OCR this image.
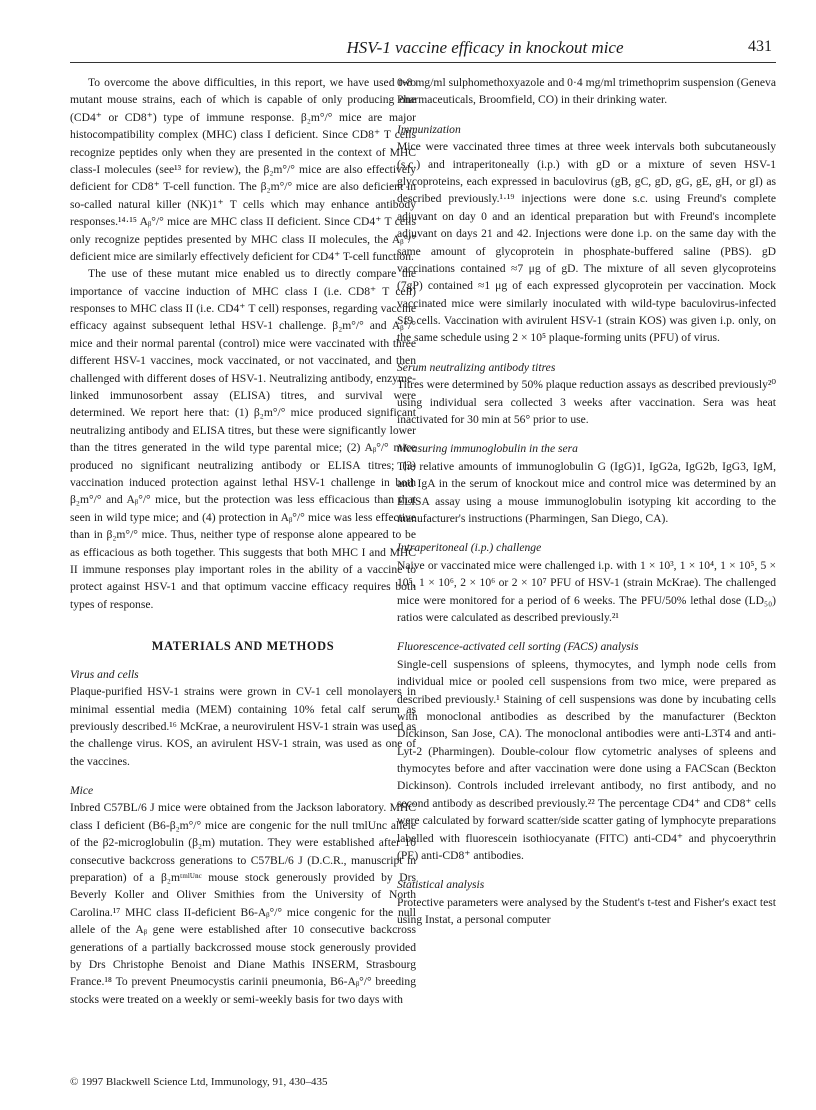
HSV-1 vaccine efficacy in knockout mice	431

To overcome the above difficulties, in this report, we have used two mutant mouse strains, each of which is capable of only producing one (CD4⁺ or CD8⁺) type of immune response. β₂m°/° mice are major histocompatibility complex (MHC) class I deficient. Since CD8⁺ T cells recognize peptides only when they are presented in the context of MHC class-I molecules (see¹³ for review), the β₂m°/° mice are also effectively deficient for CD8⁺ T-cell function. The β₂m°/° mice are also deficient in so-called natural killer (NK)1⁺ T cells which may enhance antibody responses.¹⁴·¹⁵ Aᵦ°/° mice are MHC class II deficient. Since CD4⁺ T cells only recognize peptides presented by MHC class II molecules, the Aᵦ°/° deficient mice are similarly effectively deficient for CD4⁺ T-cell function.

The use of these mutant mice enabled us to directly compare the importance of vaccine induction of MHC class I (i.e. CD8⁺ T cell) responses to MHC class II (i.e. CD4⁺ T cell) responses, regarding vaccine efficacy against subsequent lethal HSV-1 challenge. β₂m°/° and Aᵦ°/° mice and their normal parental (control) mice were vaccinated with three different HSV-1 vaccines, mock vaccinated, or not vaccinated, and then challenged with different doses of HSV-1. Neutralizing antibody, enzyme-linked immunosorbent assay (ELISA) titres, and survival were determined. We report here that: (1) β₂m°/° mice produced significant neutralizing antibody and ELISA titres, but these were significantly lower than the titres generated in the wild type parental mice; (2) Aᵦ°/° mice produced no significant neutralizing antibody or ELISA titres; (3) vaccination induced protection against lethal HSV-1 challenge in both β₂m°/° and Aᵦ°/° mice, but the protection was less efficacious than that seen in wild type mice; and (4) protection in Aᵦ°/° mice was less effective than in β₂m°/° mice. Thus, neither type of response alone appeared to be as efficacious as both together. This suggests that both MHC I and MHC II immune responses play important roles in the ability of a vaccine to protect against HSV-1 and that optimum vaccine efficacy requires both types of response.

MATERIALS AND METHODS
Virus and cells

Plaque-purified HSV-1 strains were grown in CV-1 cell monolayers in minimal essential media (MEM) containing 10% fetal calf serum as previously described.¹⁶ McKrae, a neurovirulent HSV-1 strain was used as the challenge virus. KOS, an avirulent HSV-1 strain, was used as one of the vaccines.

Mice

Inbred C57BL/6 J mice were obtained from the Jackson laboratory. MHC class I deficient (B6-β₂m°/° mice are congenic for the null tmlUnc allele of the β2-microglobulin (β₂m) mutation. They were established after 10 consecutive backcross generations to C57BL/6 J (D.C.R., manuscript in preparation) of a β₂mᵗᵐˡᵁⁿᶜ mouse stock generously provided by Drs Beverly Koller and Oliver Smithies from the University of North Carolina.¹⁷ MHC class II-deficient B6-Aᵦ°/° mice congenic for the null allele of the Aᵦ gene were established after 10 consecutive backcross generations of a partially backcrossed mouse stock generously provided by Drs Christophe Benoist and Diane Mathis INSERM, Strasbourg France.¹⁸ To prevent Pneumocystis carinii pneumonia, B6-Aᵦ°/° breeding stocks were treated on a weekly or semi-weekly basis for two days with

0·8 mg/ml sulphomethoxyazole and 0·4 mg/ml trimethoprim suspension (Geneva Pharmaceuticals, Broomfield, CO) in their drinking water.

Immunization

Mice were vaccinated three times at three week intervals both subcutaneously (s.c.) and intraperitoneally (i.p.) with gD or a mixture of seven HSV-1 glycoproteins, each expressed in baculovirus (gB, gC, gD, gG, gE, gH, or gI) as described previously.¹·¹⁹ injections were done s.c. using Freund's complete adjuvant on day 0 and an identical preparation but with Freund's incomplete adjuvant on days 21 and 42. Injections were done i.p. on the same day with the same amount of glycoprotein in phosphate-buffered saline (PBS). gD vaccinations contained ≈7 μg of gD. The mixture of all seven glycoproteins (7gP) contained ≈1 μg of each expressed glycoprotein per vaccination. Mock vaccinated mice were similarly inoculated with wild-type baculovirus-infected Sf9 cells. Vaccination with avirulent HSV-1 (strain KOS) was given i.p. only, on the same schedule using 2 × 10⁵ plaque-forming units (PFU) of virus.

Serum neutralizing antibody titres

Titres were determined by 50% plaque reduction assays as described previously²⁰ using individual sera collected 3 weeks after vaccination. Sera was heat inactivated for 30 min at 56° prior to use.

Measuring immunoglobulin in the sera

The relative amounts of immunoglobulin G (IgG)1, IgG2a, IgG2b, IgG3, IgM, and IgA in the serum of knockout mice and control mice was determined by an ELISA assay using a mouse immunoglobulin isotyping kit according to the manufacturer's instructions (Pharmingen, San Diego, CA).

Intraperitoneal (i.p.) challenge

Naive or vaccinated mice were challenged i.p. with 1 × 10³, 1 × 10⁴, 1 × 10⁵, 5 × 10⁵, 1 × 10⁶, 2 × 10⁶ or 2 × 10⁷ PFU of HSV-1 (strain McKrae). The challenged mice were monitored for a period of 6 weeks. The PFU/50% lethal dose (LD₅₀) ratios were calculated as described previously.²¹

Fluorescence-activated cell sorting (FACS) analysis

Single-cell suspensions of spleens, thymocytes, and lymph node cells from individual mice or pooled cell suspensions from two mice, were prepared as described previously.¹ Staining of cell suspensions was done by incubating cells with monoclonal antibodies as described by the manufacturer (Beckton Dickinson, San Jose, CA). The monoclonal antibodies were anti-L3T4 and anti-Lyt-2 (Pharmingen). Double-colour flow cytometric analyses of spleens and thymocytes before and after vaccination were done using a FACScan (Beckton Dickinson). Controls included irrelevant antibody, no first antibody, and no second antibody as described previously.²² The percentage CD4⁺ and CD8⁺ cells were calculated by forward scatter/side scatter gating of lymphocyte preparations labelled with fluorescein isothiocyanate (FITC) anti-CD4⁺ and phycoerythrin (PE) anti-CD8⁺ antibodies.

Statistical analysis

Protective parameters were analysed by the Student's t-test and Fisher's exact test using Instat, a personal computer

© 1997 Blackwell Science Ltd, Immunology, 91, 430–435
